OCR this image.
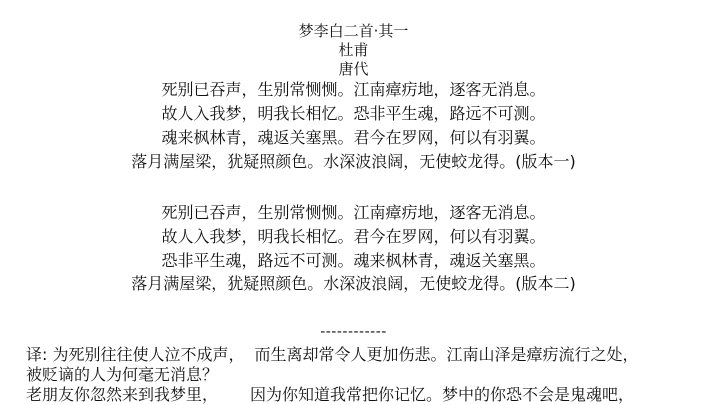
梦李白二首·其一
杜甫
唐代
死别已吞声，生别常恻恻。江南瘴疠地，逐客无消息。
故人入我梦，明我长相忆。恐非平生魂，路远不可测。
魂来枫林青，魂返关塞黑。君今在罗网，何以有羽翼。
落月满屋梁，犹疑照颜色。水深波浪阔，无使蛟龙得。(版本一)
死别已吞声，生别常恻恻。江南瘴疠地，逐客无消息。
故人入我梦，明我长相忆。君今在罗网，何以有羽翼。
恐非平生魂，路远不可测。魂来枫林青，魂返关塞黑。
落月满屋梁，犹疑照颜色。水深波浪阔，无使蛟龙得。(版本二)
------------
译: 为死别往往使人泣不成声， 而生离却常令人更加伤悲。江南山泽是瘴疠流行之处，
被贬谪的人为何毫无消息？
老朋友你忽然来到我梦里， 因为你知道我常把你记忆。梦中的你恐不会是鬼魂吧，
